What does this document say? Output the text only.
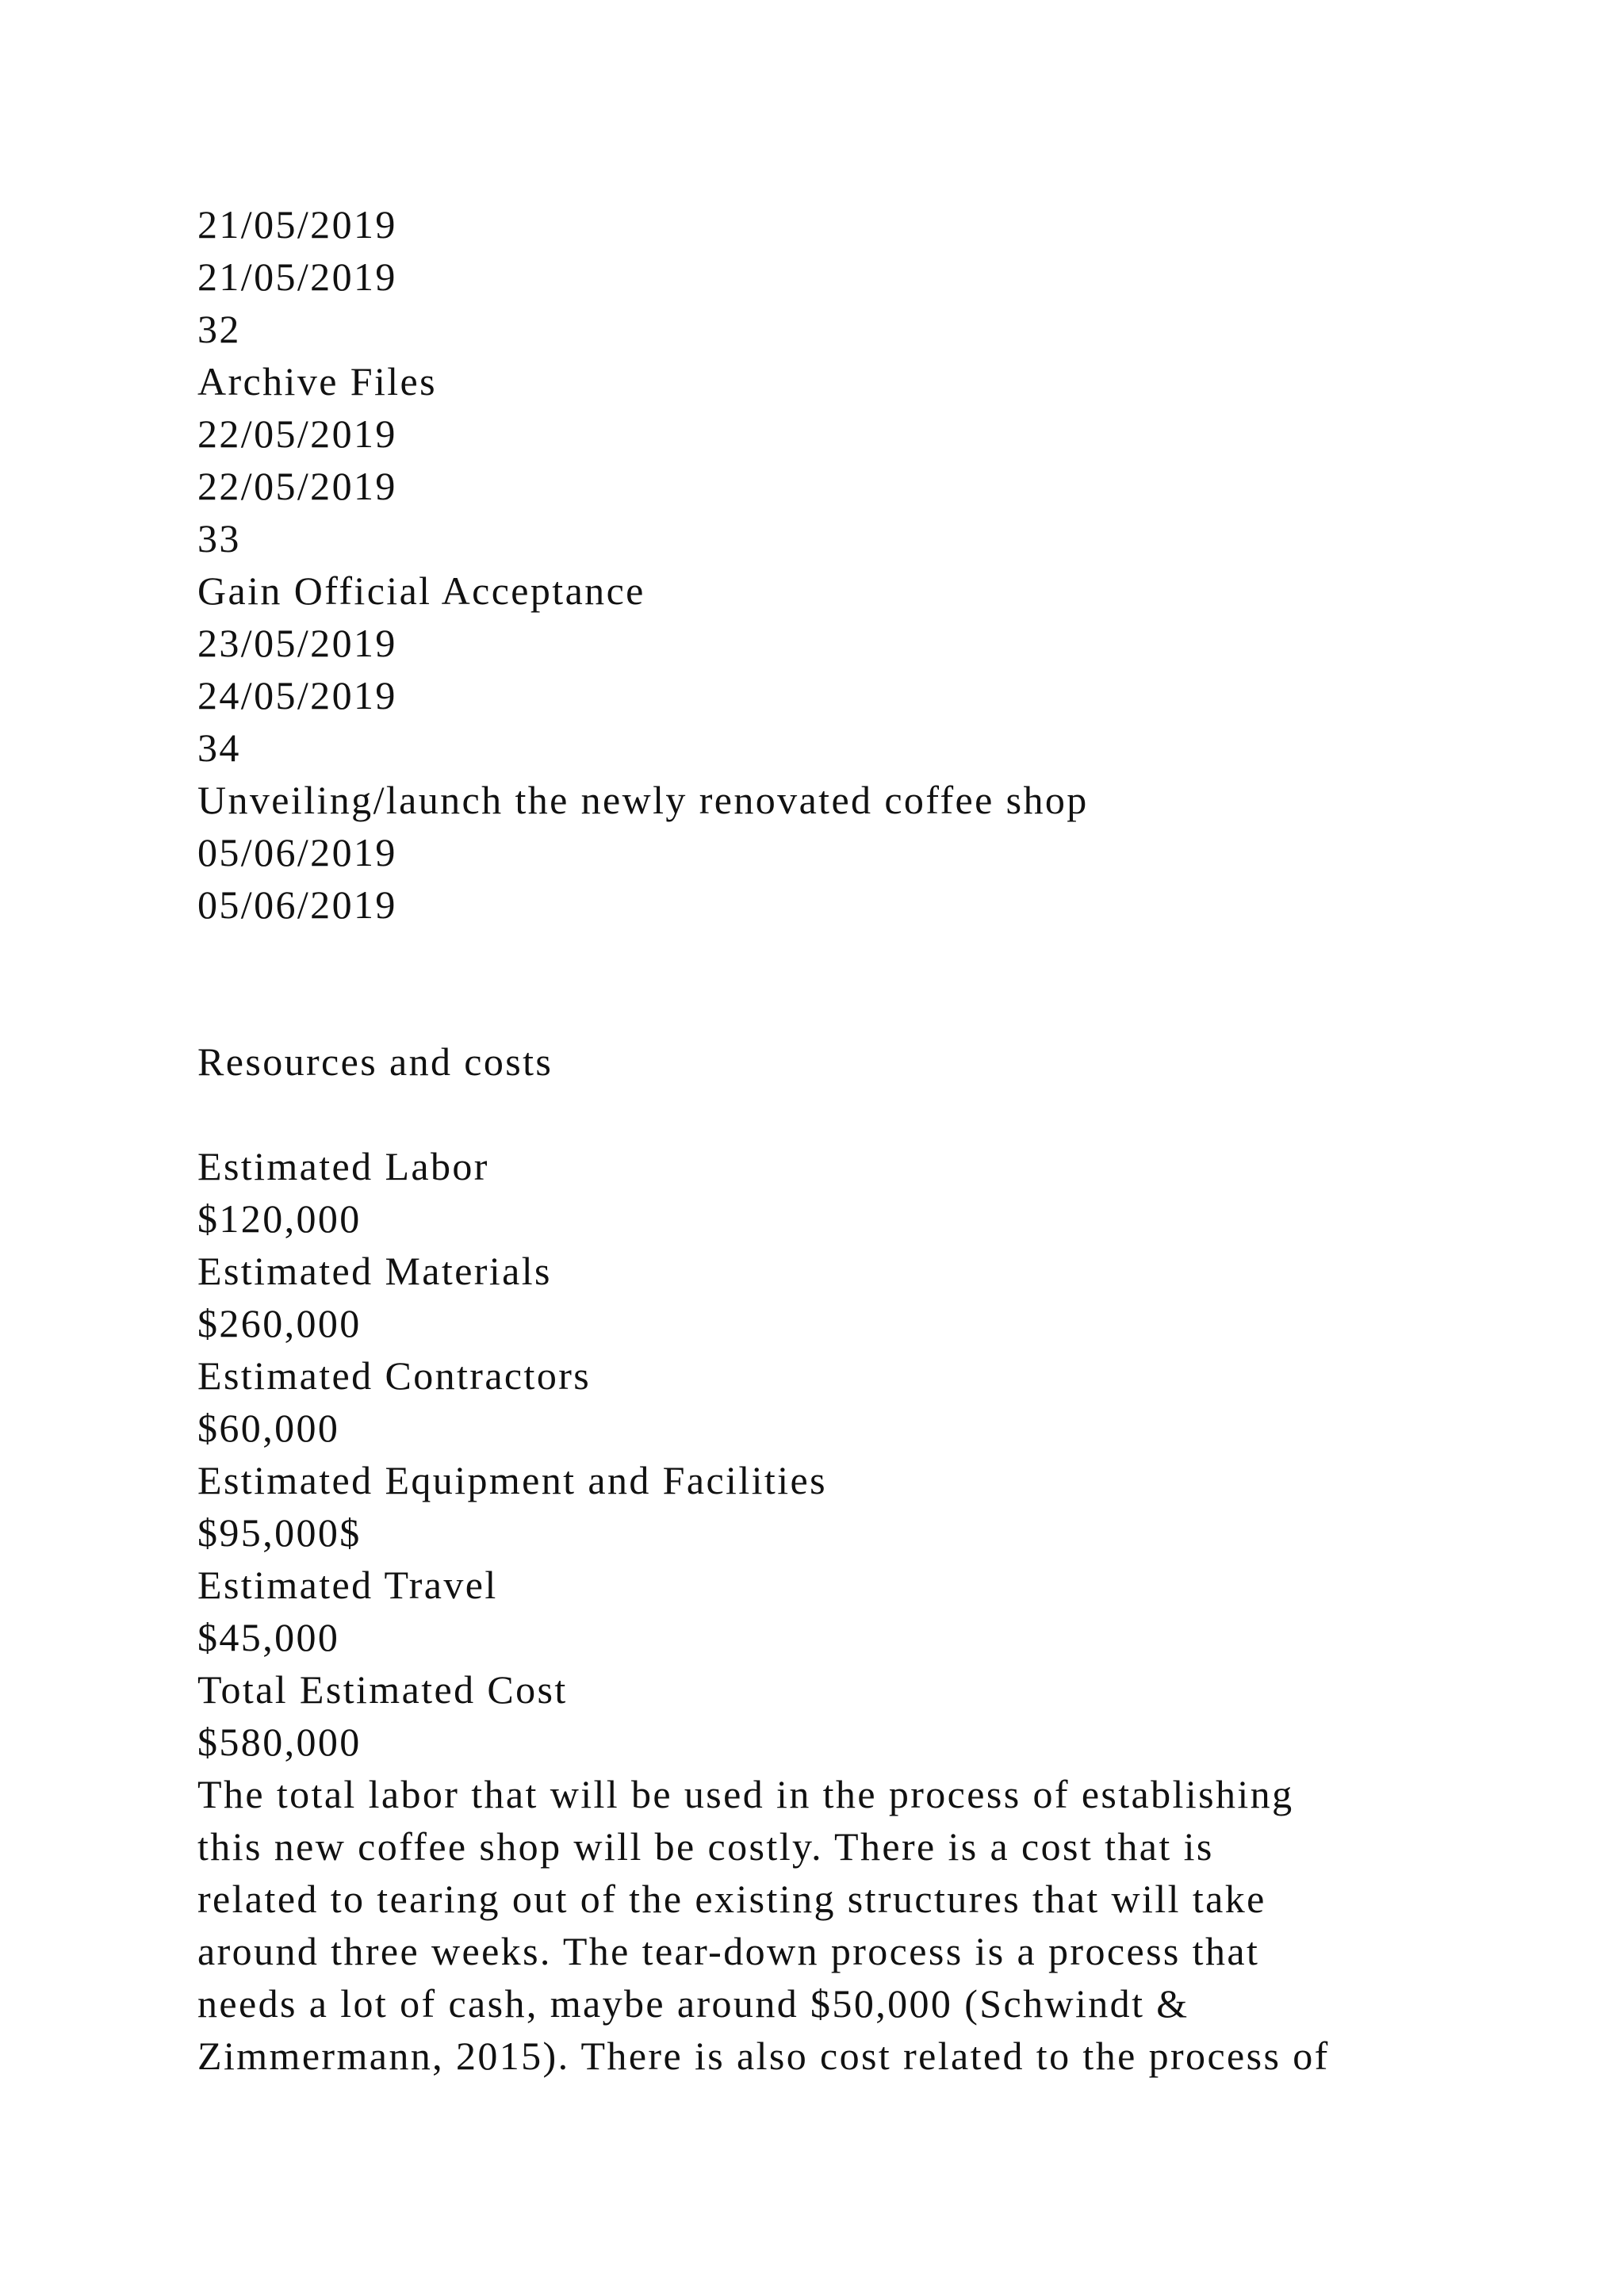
21/05/2019

21/05/2019

32

Archive Files

22/05/2019

22/05/2019

33

Gain Official Acceptance

23/05/2019

24/05/2019

34

Unveiling/launch the newly renovated coffee shop

05/06/2019

05/06/2019

Resources and costs

Estimated Labor

$120,000

Estimated Materials

$260,000

Estimated Contractors

$60,000

Estimated Equipment and Facilities

$95,000$

Estimated Travel

$45,000

Total Estimated Cost

$580,000

The total labor that will be used in the process of establishing

this new coffee shop will be costly. There is a cost that is

related to tearing out of the existing structures that will take

around three weeks. The tear-down process is a process that

needs a lot of cash, maybe around $50,000 (Schwindt &

Zimmermann, 2015). There is also cost related to the process of
